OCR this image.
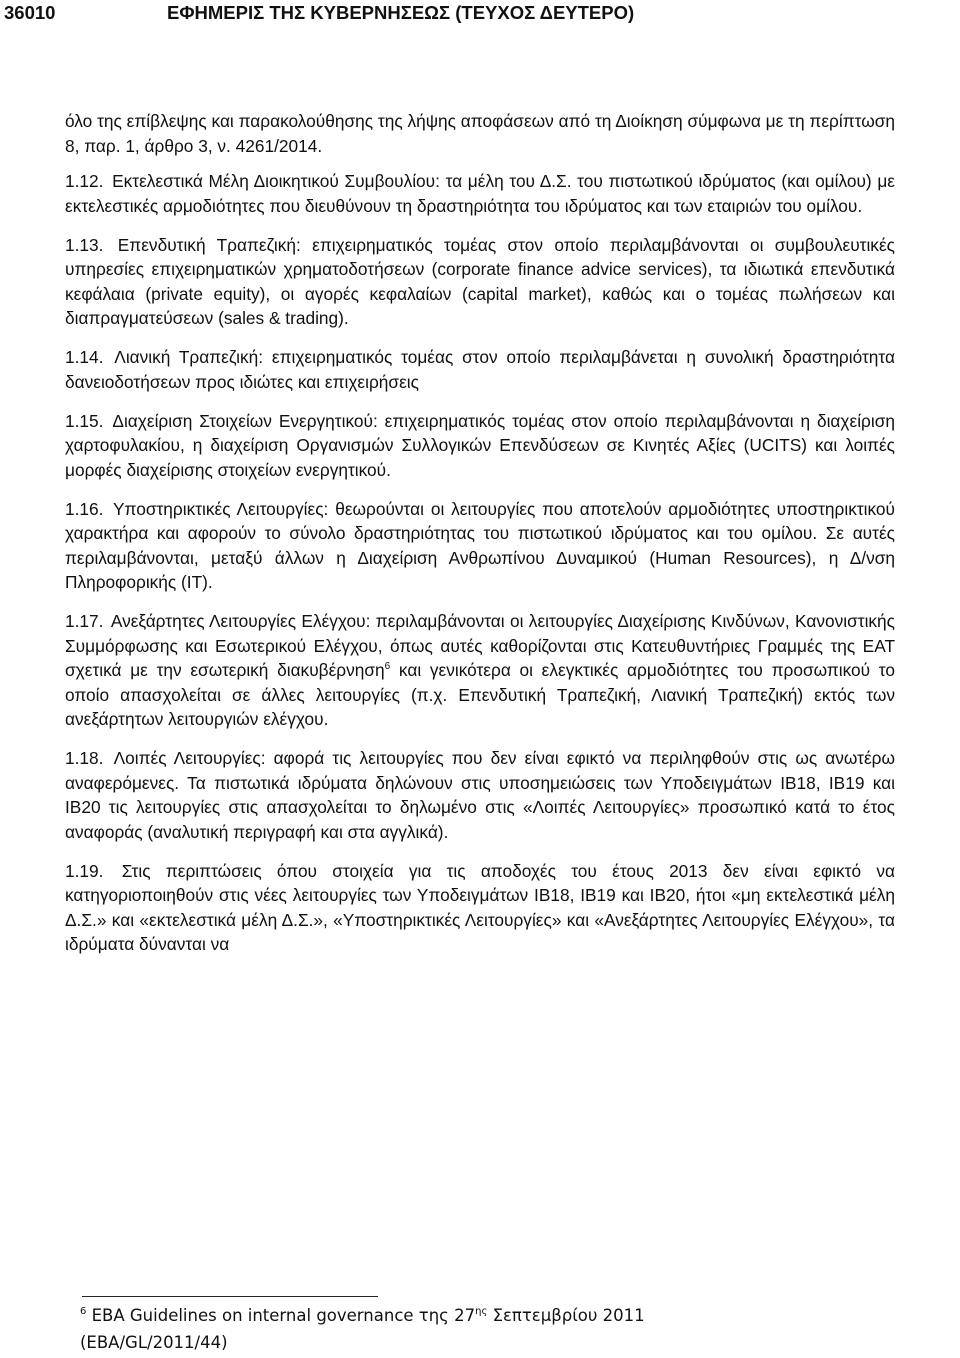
36010	ΕΦΗΜΕΡΙΣ ΤΗΣ ΚΥΒΕΡΝΗΣΕΩΣ (ΤΕΥΧΟΣ ΔΕΥΤΕΡΟ)

όλο της επίβλεψης και παρακολούθησης της λήψης αποφάσεων από τη Διοίκηση σύμφωνα με τη περίπτωση 8, παρ. 1, άρθρο 3, ν. 4261/2014.

1.12. Εκτελεστικά Μέλη Διοικητικού Συμβουλίου: τα μέλη του Δ.Σ. του πιστωτικού ιδρύματος (και ομίλου) με εκτελεστικές αρμοδιότητες που διευθύνουν τη δραστηριότητα του ιδρύματος και των εταιριών του ομίλου.

1.13. Επενδυτική Τραπεζική: επιχειρηματικός τομέας στον οποίο περιλαμβάνονται οι συμβουλευτικές υπηρεσίες επιχειρηματικών χρηματοδοτήσεων (corporate finance advice services), τα ιδιωτικά επενδυτικά κεφάλαια (private equity), οι αγορές κεφαλαίων (capital market), καθώς και ο τομέας πωλήσεων και διαπραγματεύσεων (sales & trading).

1.14. Λιανική Τραπεζική: επιχειρηματικός τομέας στον οποίο περιλαμβάνεται η συνολική δραστηριότητα δανειοδοτήσεων προς ιδιώτες και επιχειρήσεις

1.15. Διαχείριση Στοιχείων Ενεργητικού: επιχειρηματικός τομέας στον οποίο περιλαμβάνονται η διαχείριση χαρτοφυλακίου, η διαχείριση Οργανισμών Συλλογικών Επενδύσεων σε Κινητές Αξίες (UCITS) και λοιπές μορφές διαχείρισης στοιχείων ενεργητικού.

1.16. Υποστηρικτικές Λειτουργίες: θεωρούνται οι λειτουργίες που αποτελούν αρμοδιότητες υποστηρικτικού χαρακτήρα και αφορούν το σύνολο δραστηριότητας του πιστωτικού ιδρύματος και του ομίλου. Σε αυτές περιλαμβάνονται, μεταξύ άλλων η Διαχείριση Ανθρωπίνου Δυναμικού (Human Resources), η Δ/νση Πληροφορικής (IT).

1.17. Ανεξάρτητες Λειτουργίες Ελέγχου: περιλαμβάνονται οι λειτουργίες Διαχείρισης Κινδύνων, Κανονιστικής Συμμόρφωσης και Εσωτερικού Ελέγχου, όπως αυτές καθορίζονται στις Κατευθυντήριες Γραμμές της ΕΑΤ σχετικά με την εσωτερική διακυβέρνηση$^6$ και γενικότερα οι ελεγκτικές αρμοδιότητες του προσωπικού το οποίο απασχολείται σε άλλες λειτουργίες (π.χ. Επενδυτική Τραπεζική, Λιανική Τραπεζική) εκτός των ανεξάρτητων λειτουργιών ελέγχου.

1.18. Λοιπές Λειτουργίες: αφορά τις λειτουργίες που δεν είναι εφικτό να περιληφθούν στις ως ανωτέρω αναφερόμενες. Τα πιστωτικά ιδρύματα δηλώνουν στις υποσημειώσεις των Υποδειγμάτων IB18, IB19 και IB20 τις λειτουργίες στις απασχολείται το δηλωμένο στις «Λοιπές Λειτουργίες» προσωπικό κατά το έτος αναφοράς (αναλυτική περιγραφή και στα αγγλικά).

1.19. Στις περιπτώσεις όπου στοιχεία για τις αποδοχές του έτους 2013 δεν είναι εφικτό να κατηγοριοποιηθούν στις νέες λειτουργίες των Υποδειγμάτων IB18, IB19 και IB20, ήτοι «μη εκτελεστικά μέλη Δ.Σ.» και «εκτελεστικά μέλη Δ.Σ.», «Υποστηρικτικές Λειτουργίες» και «Ανεξάρτητες Λειτουργίες Ελέγχου», τα ιδρύματα δύνανται να

$^6$ EBA Guidelines on internal governance της $27^{\eta\varsigma}$ Σεπτεμβρίου 2011
(EBA/GL/2011/44)
